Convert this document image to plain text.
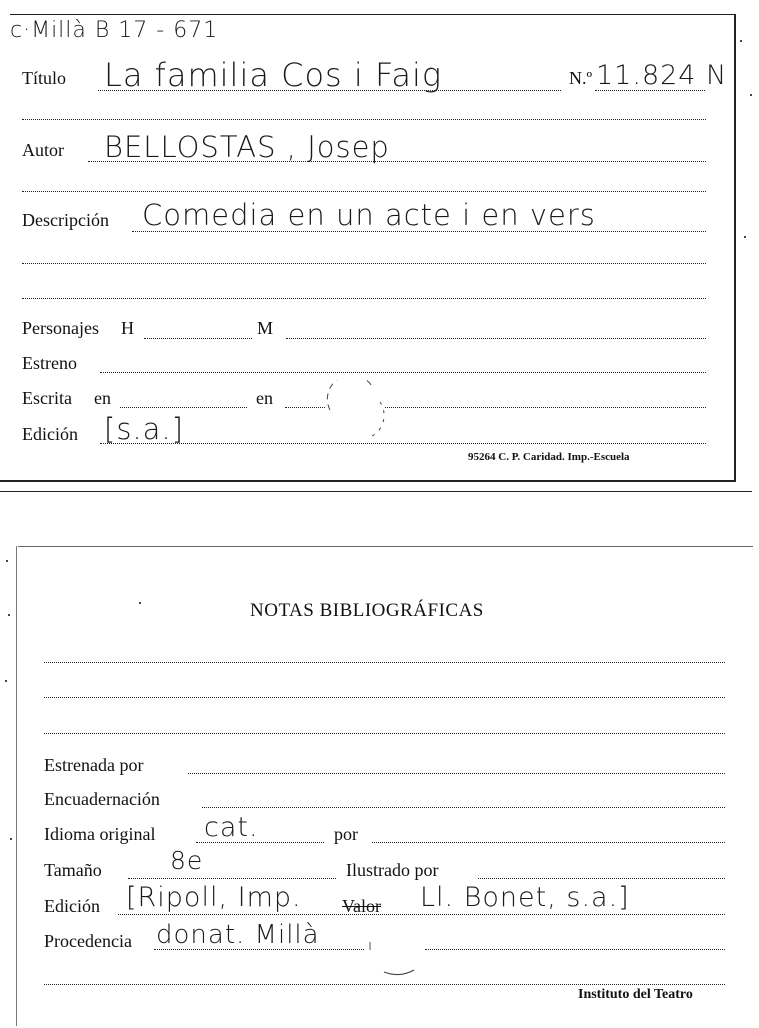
c·Millà B 17 - 671
Título La familia Cos i Faig	N.º 11.824 N
Autor BELLOSTAS , Josep
Descripción Comedia en un acte i en vers
Personajes H	M
Estreno
Escrita en	en
Edición [s.a.]
95264 C. P. Caridad. Imp.-Escuela
NOTAS BIBLIOGRÁFICAS
Estrenada por
Encuadernación
Idioma original cat.	por
Tamaño	8e	Ilustrado por
Edición [Ripoll, Imp. Valor Ll. Bonet, s.a.]
Procedencia donat. Millà
Instituto del Teatro
